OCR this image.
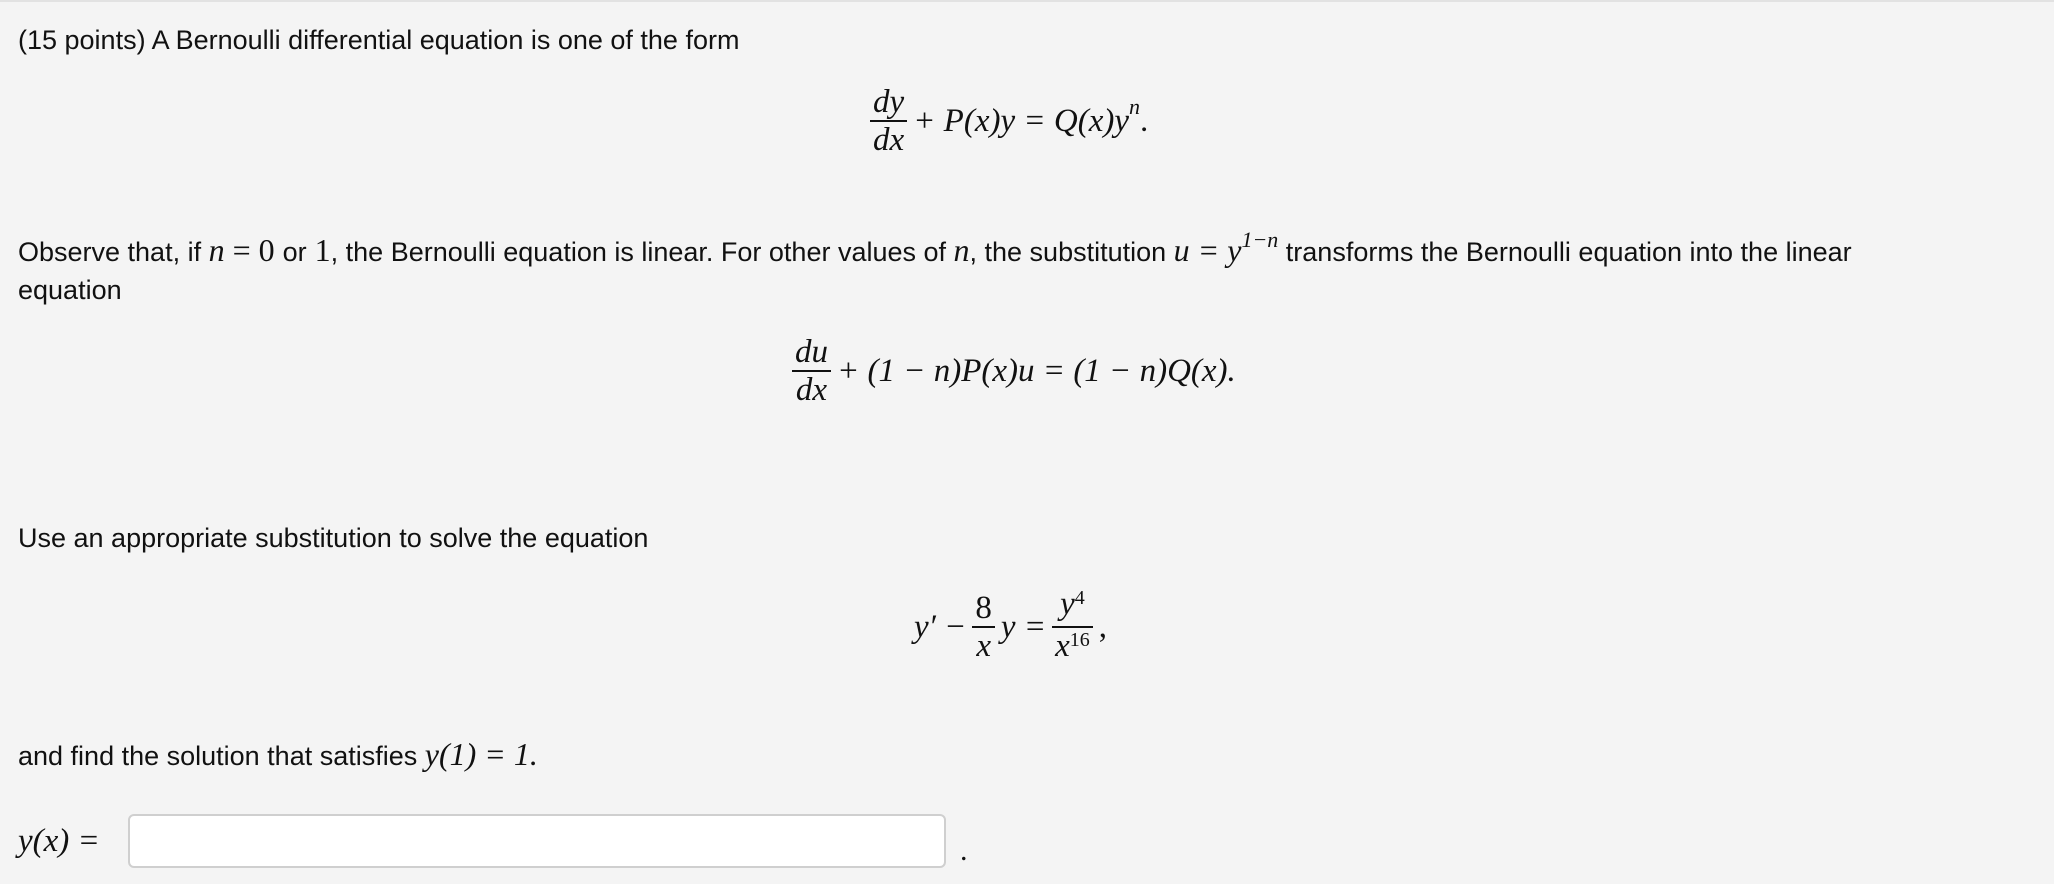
(15 points) A Bernoulli differential equation is one of the form
$\frac{dy}{dx} + P(x)y = Q(x)y$ n .
Observe that, if n = 0 or 1, the Bernoulli equation is linear. For other values of n, the substitution $u = y^{1-n}$ transforms the Bernoulli equation into the linear
equation
$\frac{du}{dx} + (1 - n)P(x)u = (1 - n)Q(x)$.
Use an appropriate substitution to solve the equation
$y' - \frac{8}{x}$ $y = \frac{y^4}{x^{16}}$ ,
and find the solution that satisfies y(1) = 1.
y(x) =	.
